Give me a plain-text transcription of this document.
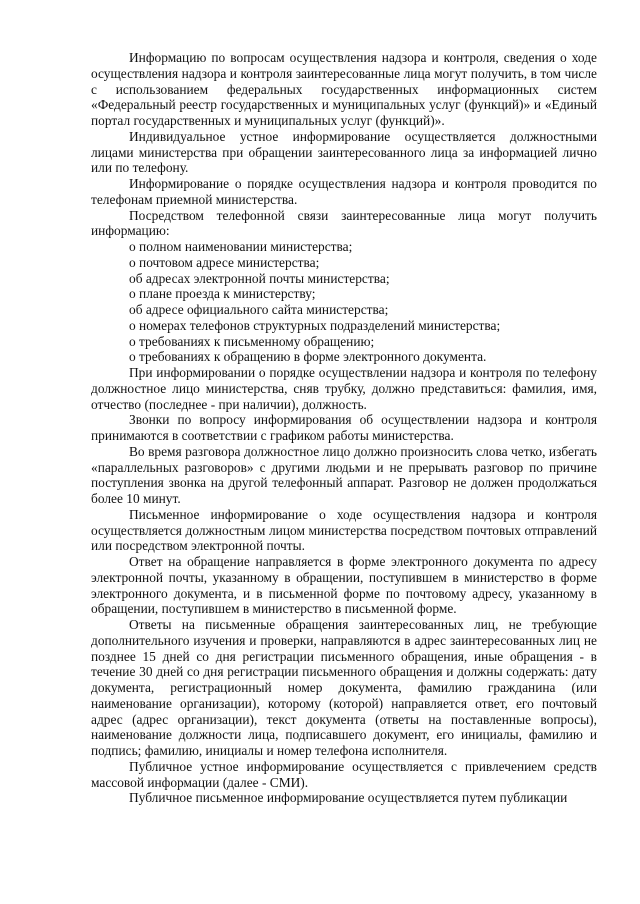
Информацию по вопросам осуществления надзора и контроля, сведения о ходе осуществления надзора и контроля заинтересованные лица могут получить, в том числе с использованием федеральных государственных информационных систем «Федеральный реестр государственных и муниципальных услуг (функций)» и «Единый портал государственных и муниципальных услуг (функций)».

Индивидуальное устное информирование осуществляется должностными лицами министерства при обращении заинтересованного лица за информацией лично или по телефону.

Информирование о порядке осуществления надзора и контроля проводится по телефонам приемной министерства.

Посредством телефонной связи заинтересованные лица могут получить информацию:

о полном наименовании министерства;

о почтовом адресе министерства;

об адресах электронной почты министерства;

о плане проезда к министерству;

об адресе официального сайта министерства;

о номерах телефонов структурных подразделений министерства;

о требованиях к письменному обращению;

о требованиях к обращению в форме электронного документа.

При информировании о порядке осуществлении надзора и контроля по телефону должностное лицо министерства, сняв трубку, должно представиться: фамилия, имя, отчество (последнее - при наличии), должность.

Звонки по вопросу информирования об осуществлении надзора и контроля принимаются в соответствии с графиком работы министерства.

Во время разговора должностное лицо должно произносить слова четко, избегать «параллельных разговоров» с другими людьми и не прерывать разговор по причине поступления звонка на другой телефонный аппарат. Разговор не должен продолжаться более 10 минут.

Письменное информирование о ходе осуществления надзора и контроля осуществляется должностным лицом министерства посредством почтовых отправлений или посредством электронной почты.

Ответ на обращение направляется в форме электронного документа по адресу электронной почты, указанному в обращении, поступившем в министерство в форме электронного документа, и в письменной форме по почтовому адресу, указанному в обращении, поступившем в министерство в письменной форме.

Ответы на письменные обращения заинтересованных лиц, не требующие дополнительного изучения и проверки, направляются в адрес заинтересованных лиц не позднее 15 дней со дня регистрации письменного обращения, иные обращения - в течение 30 дней со дня регистрации письменного обращения и должны содержать: дату документа, регистрационный номер документа, фамилию гражданина (или наименование организации), которому (которой) направляется ответ, его почтовый адрес (адрес организации), текст документа (ответы на поставленные вопросы), наименование должности лица, подписавшего документ, его инициалы, фамилию и подпись; фамилию, инициалы и номер телефона исполнителя.

Публичное устное информирование осуществляется с привлечением средств массовой информации (далее - СМИ).

Публичное письменное информирование осуществляется путем публикации
